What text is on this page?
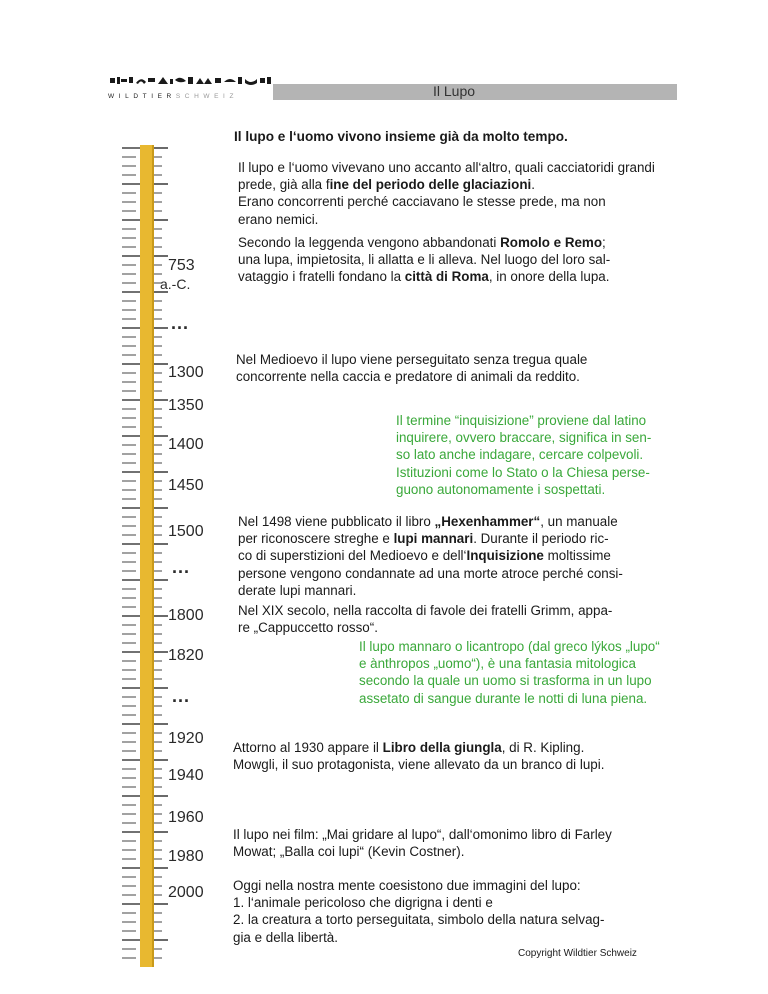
Il Lupo
WILDTIERSCHWEIZ
Il lupo e l‘uomo vivono insieme già da molto tempo.
753
a.-C.
...
1300
1350
1400
1450
1500
...
1800
1820
...
1920
1940
1960
1980
2000
Il lupo e l‘uomo vivevano uno accanto all‘altro, quali cacciatoridi grandi prede, già alla fine del periodo delle glaciazioni.
Erano concorrenti perché cacciavano le stesse prede, ma non
erano nemici.
Secondo la leggenda vengono abbandonati Romolo e Remo;
una lupa, impietosita, li allatta e li alleva. Nel luogo del loro sal-
vataggio i fratelli fondano la città di Roma, in onore della lupa.
Nel Medioevo il lupo viene perseguitato senza tregua quale
concorrente nella caccia e predatore di animali da reddito.
Il termine “inquisizione” proviene dal latino
inquirere, ovvero braccare, significa in sen-
so lato anche indagare, cercare colpevoli.
Istituzioni come lo Stato o la Chiesa perse-
guono autonomamente i sospettati.
Nel 1498 viene pubblicato il libro „Hexenhammer“, un manuale
per riconoscere streghe e lupi mannari. Durante il periodo ric-
co di superstizioni del Medioevo e dell‘Inquisizione moltissime
persone vengono condannate ad una morte atroce perché consi-
derate lupi mannari.
Nel XIX secolo, nella raccolta di favole dei fratelli Grimm, appa-
re „Cappuccetto rosso“.
Il lupo mannaro o licantropo (dal greco lýkos „lupo“
e ànthropos „uomo“), è una fantasia mitologica
secondo la quale un uomo si trasforma in un lupo
assetato di sangue durante le notti di luna piena.
Attorno al 1930 appare il Libro della giungla, di R. Kipling.
Mowgli, il suo protagonista, viene allevato da un branco di lupi.
Il lupo nei film: „Mai gridare al lupo“, dall‘omonimo libro di Farley
Mowat; „Balla coi lupi“ (Kevin Costner).
Oggi nella nostra mente coesistono due immagini del lupo:
1. l‘animale pericoloso che digrigna i denti e
2. la creatura a torto perseguitata, simbolo della natura selvag-
gia e della libertà.
Copyright Wildtier Schweiz
